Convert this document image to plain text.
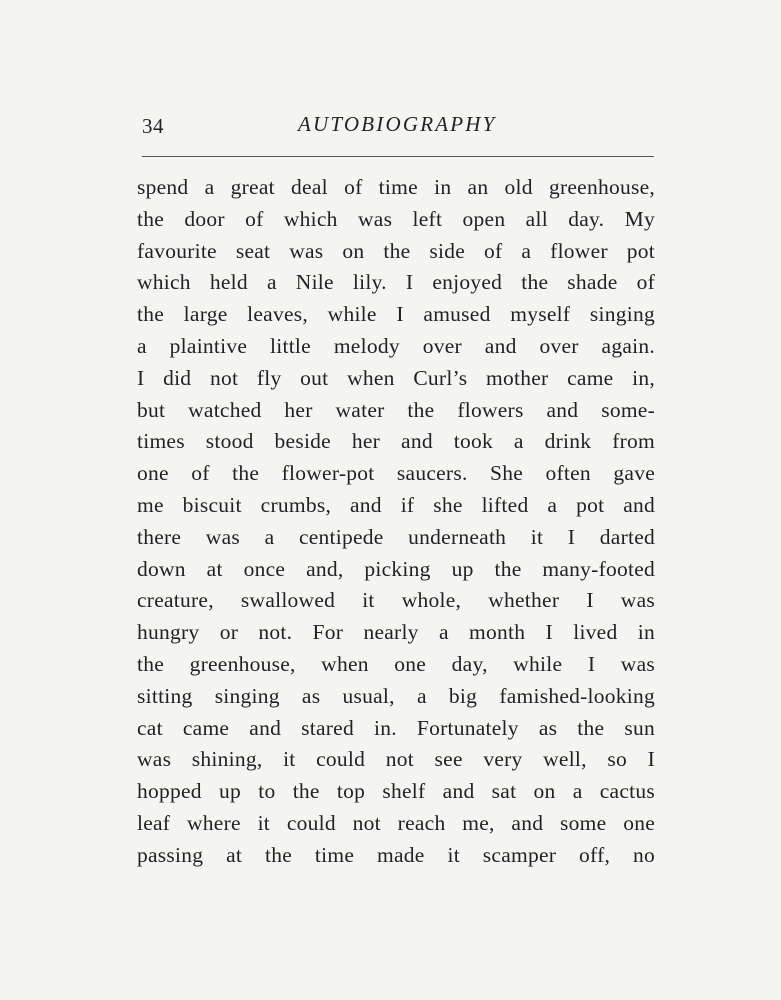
34	AUTOBIOGRAPHY
spend a great deal of time in an old greenhouse,
the door of which was left open all day. My
favourite seat was on the side of a flower pot
which held a Nile lily. I enjoyed the shade of
the large leaves, while I amused myself singing
a plaintive little melody over and over again.
I did not fly out when Curl’s mother came in,
but watched her water the flowers and some-
times stood beside her and took a drink from
one of the flower-pot saucers. She often gave
me biscuit crumbs, and if she lifted a pot and
there was a centipede underneath it I darted
down at once and, picking up the many-footed
creature, swallowed it whole, whether I was
hungry or not. For nearly a month I lived in
the greenhouse, when one day, while I was
sitting singing as usual, a big famished-looking
cat came and stared in. Fortunately as the sun
was shining, it could not see very well, so I
hopped up to the top shelf and sat on a cactus
leaf where it could not reach me, and some one
passing at the time made it scamper off, no
